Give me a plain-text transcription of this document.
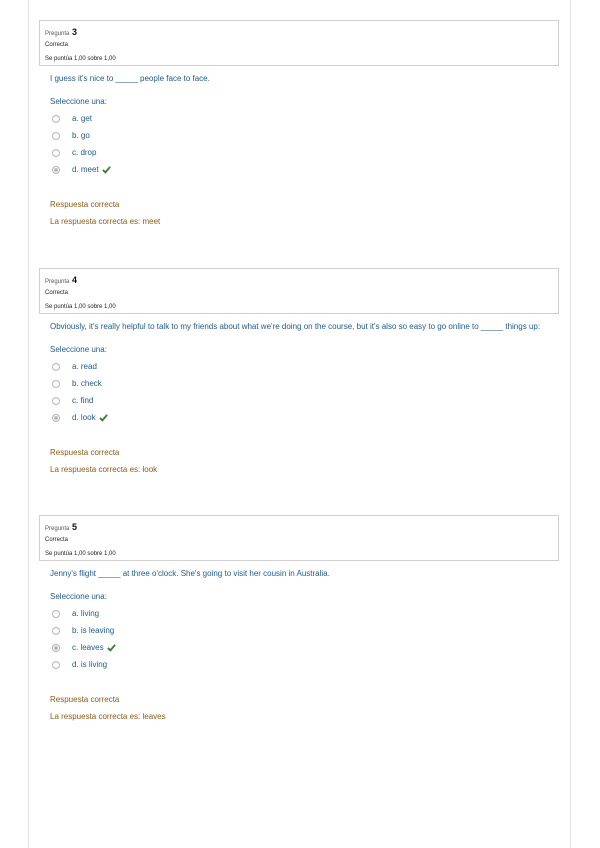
Pregunta 3
Correcta
Se puntúa 1,00 sobre 1,00
I guess it's nice to _____ people face to face.
Seleccione una:
a. get
b. go
c. drop
d. meet
Respuesta correcta
La respuesta correcta es: meet
Pregunta 4
Correcta
Se puntúa 1,00 sobre 1,00
Obviously, it's really helpful to talk to my friends about what we're doing on the course, but it's also so easy to go online to _____ things up:
Seleccione una:
a. read
b. check
c. find
d. look
Respuesta correcta
La respuesta correcta es: look
Pregunta 5
Correcta
Se puntúa 1,00 sobre 1,00
Jenny's flight _____ at three o'clock. She's going to visit her cousin in Australia.
Seleccione una:
a. living
b. is leaving
c. leaves
d. is living
Respuesta correcta
La respuesta correcta es: leaves
